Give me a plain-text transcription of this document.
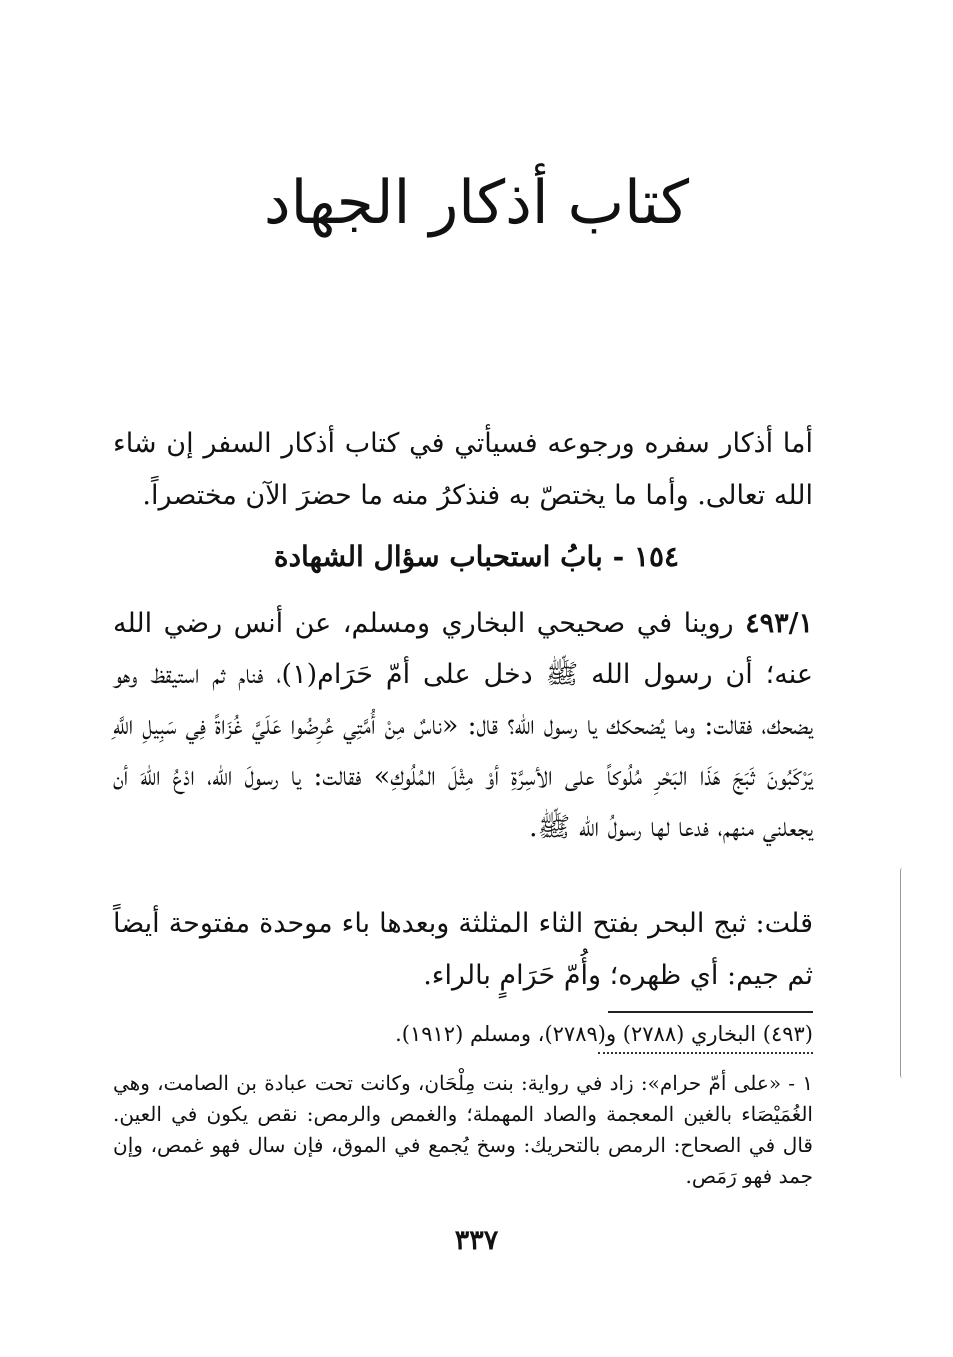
كتاب أذكار الجهاد
أما أذكار سفره ورجوعه فسيأتي في كتاب أذكار السفر إن شاء الله تعالى. وأما ما يختصّ به فنذكرُ منه ما حضرَ الآن مختصراً.
١٥٤ - بابُ استحباب سؤال الشهادة
٤٩٣/١ روينا في صحيحي البخاري ومسلم، عن أنس رضي الله عنه؛ أن رسول الله ﷺ دخل على أمّ حَرَام(١)، فنام ثم استيقظ وهو يضحك، فقالت: وما يُضحكك يا رسول الله؟ قال: «ناسٌ مِنْ أُمَّتِي عُرِضُوا عَلَيَّ غُزَاةً فِي سَبِيلِ اللَّهِ يَرْكَبُونَ ثَبَجَ هَذَا البَحْرِ مُلُوكاً على الأسِرَّةِ أوْ مِثْلَ المُلُوكِ» فقالت: يا رسولَ الله، ادْعُ اللهَ أن يجعلني منهم، فدعا لها رسولُ الله ﷺ.
قلت: ثبج البحر بفتح الثاء المثلثة وبعدها باء موحدة مفتوحة أيضاً ثم جيم: أي ظهره؛ وأُمّ حَرَامٍ بالراء.
(٤٩٣) البخاري (٢٧٨٨) و(٢٧٨٩)، ومسلم (١٩١٢).
١ - «على أمّ حرام»: زاد في رواية: بنت مِلْحَان، وكانت تحت عبادة بن الصامت، وهي الغُمَيْصَاء بالغين المعجمة والصاد المهملة؛ والغمص والرمص: نقص يكون في العين. قال في الصحاح: الرمص بالتحريك: وسخ يُجمع في الموق، فإن سال فهو غمص، وإن جمد فهو رَمَص.
٣٣٧
